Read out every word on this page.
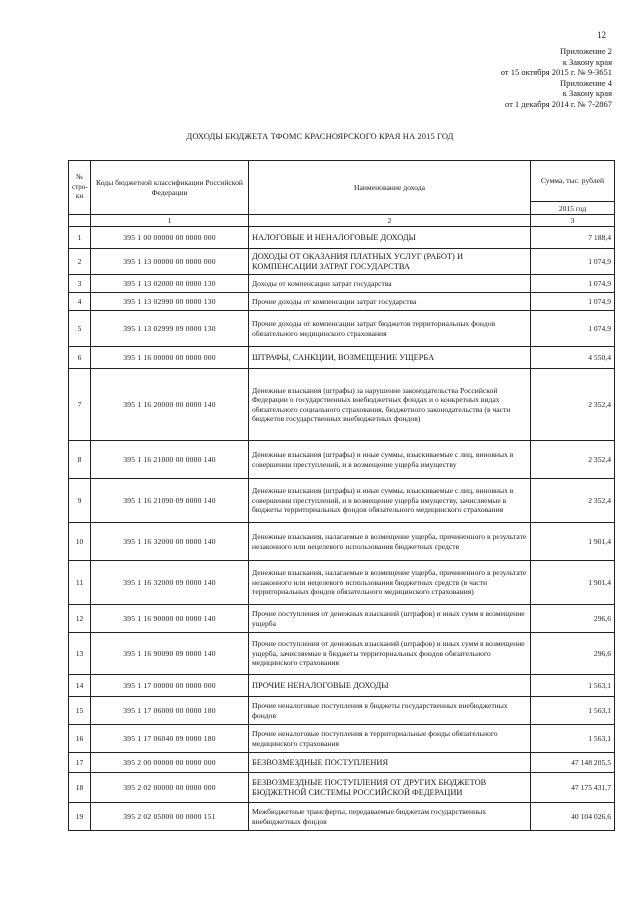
12
Приложение 2
к Закону края
от 15 октября 2015 г. № 9-3651
Приложение 4
к Закону края
от 1 декабря 2014 г. № 7-2867
ДОХОДЫ БЮДЖЕТА ТФОМС КРАСНОЯРСКОГО КРАЯ НА 2015 ГОД
№ стро-ки	Коды бюджетной классификации Российской Федерации	Наименование дохода	Сумма, тыс. рублей
			2015 год
	1	2	3
1	395 1 00 00000 00 0000 000	НАЛОГОВЫЕ И НЕНАЛОГОВЫЕ ДОХОДЫ	7 188,4
2	395 1 13 00000 00 0000 000	ДОХОДЫ ОТ ОКАЗАНИЯ ПЛАТНЫХ УСЛУГ (РАБОТ) И КОМПЕНСАЦИИ ЗАТРАТ ГОСУДАРСТВА	1 074,9
3	395 1 13 02000 00 0000 130	Доходы от компенсации затрат государства	1 074,9
4	395 1 13 02990 00 0000 130	Прочие доходы от компенсации затрат государства	1 074,9
5	395 1 13 02999 09 0000 130	Прочие доходы от компенсации затрат бюджетов территориальных фондов обязательного медицинского страхования	1 074,9
6	395 1 16 00000 00 0000 000	ШТРАФЫ, САНКЦИИ, ВОЗМЕЩЕНИЕ УЩЕРБА	4 550,4
7	395 1 16 20000 00 0000 140	Денежные взыскания (штрафы) за нарушение законодательства Российской Федерации о государственных внебюджетных фондах и о конкретных видах обязательного социального страхования, бюджетного законодательства (в части бюджетов государственных внебюджетных фондов)	2 352,4
8	395 1 16 21000 00 0000 140	Денежные взыскания (штрафы) и иные суммы, взыскиваемые с лиц, виновных в совершении преступлений, и в возмещение ущерба имуществу	2 352,4
9	395 1 16 21090 09 0000 140	Денежные взыскания (штрафы) и иные суммы, взыскиваемые с лиц, виновных в совершении преступлений, и в возмещение ущерба имуществу, зачисляемые в бюджеты территориальных фондов обязательного медицинского страхования	2 352,4
10	395 1 16 32000 00 0000 140	Денежные взыскания, налагаемые в возмещение ущерба, причиненного в результате незаконного или нецелевого использования бюджетных средств	1 901,4
11	395 1 16 32000 09 0000 140	Денежные взыскания, налагаемые в возмещение ущерба, причиненного в результате незаконного или нецелевого использования бюджетных средств (в части территориальных фондов обязательного медицинского страхования)	1 901,4
12	395 1 16 90000 00 0000 140	Прочие поступления от денежных взысканий (штрафов) и иных сумм в возмещение ущерба	296,6
13	395 1 16 90090 09 0000 140	Прочие поступления от денежных взысканий (штрафов) и иных сумм в возмещение ущерба, зачисляемые в бюджеты территориальных фондов обязательного медицинского страхования	296,6
14	395 1 17 00000 00 0000 000	ПРОЧИЕ НЕНАЛОГОВЫЕ ДОХОДЫ	1 563,1
15	395 1 17 06000 00 0000 180	Прочие неналоговые поступления в бюджеты государственных внебюджетных фондов	1 563,1
16	395 1 17 06040 09 0000 180	Прочие неналоговые поступления в территориальные фонды обязательного медицинского страхования	1 563,1
17	395 2 00 00000 00 0000 000	БЕЗВОЗМЕЗДНЫЕ ПОСТУПЛЕНИЯ	47 148 205,5
18	395 2 02 00000 00 0000 000	БЕЗВОЗМЕЗДНЫЕ ПОСТУПЛЕНИЯ ОТ ДРУГИХ БЮДЖЕТОВ БЮДЖЕТНОЙ СИСТЕМЫ РОССИЙСКОЙ ФЕДЕРАЦИИ	47 175 431,7
19	395 2 02 05000 00 0000 151	Межбюджетные трансферты, передаваемые бюджетам государственных внебюджетных фондов	40 104 026,6
